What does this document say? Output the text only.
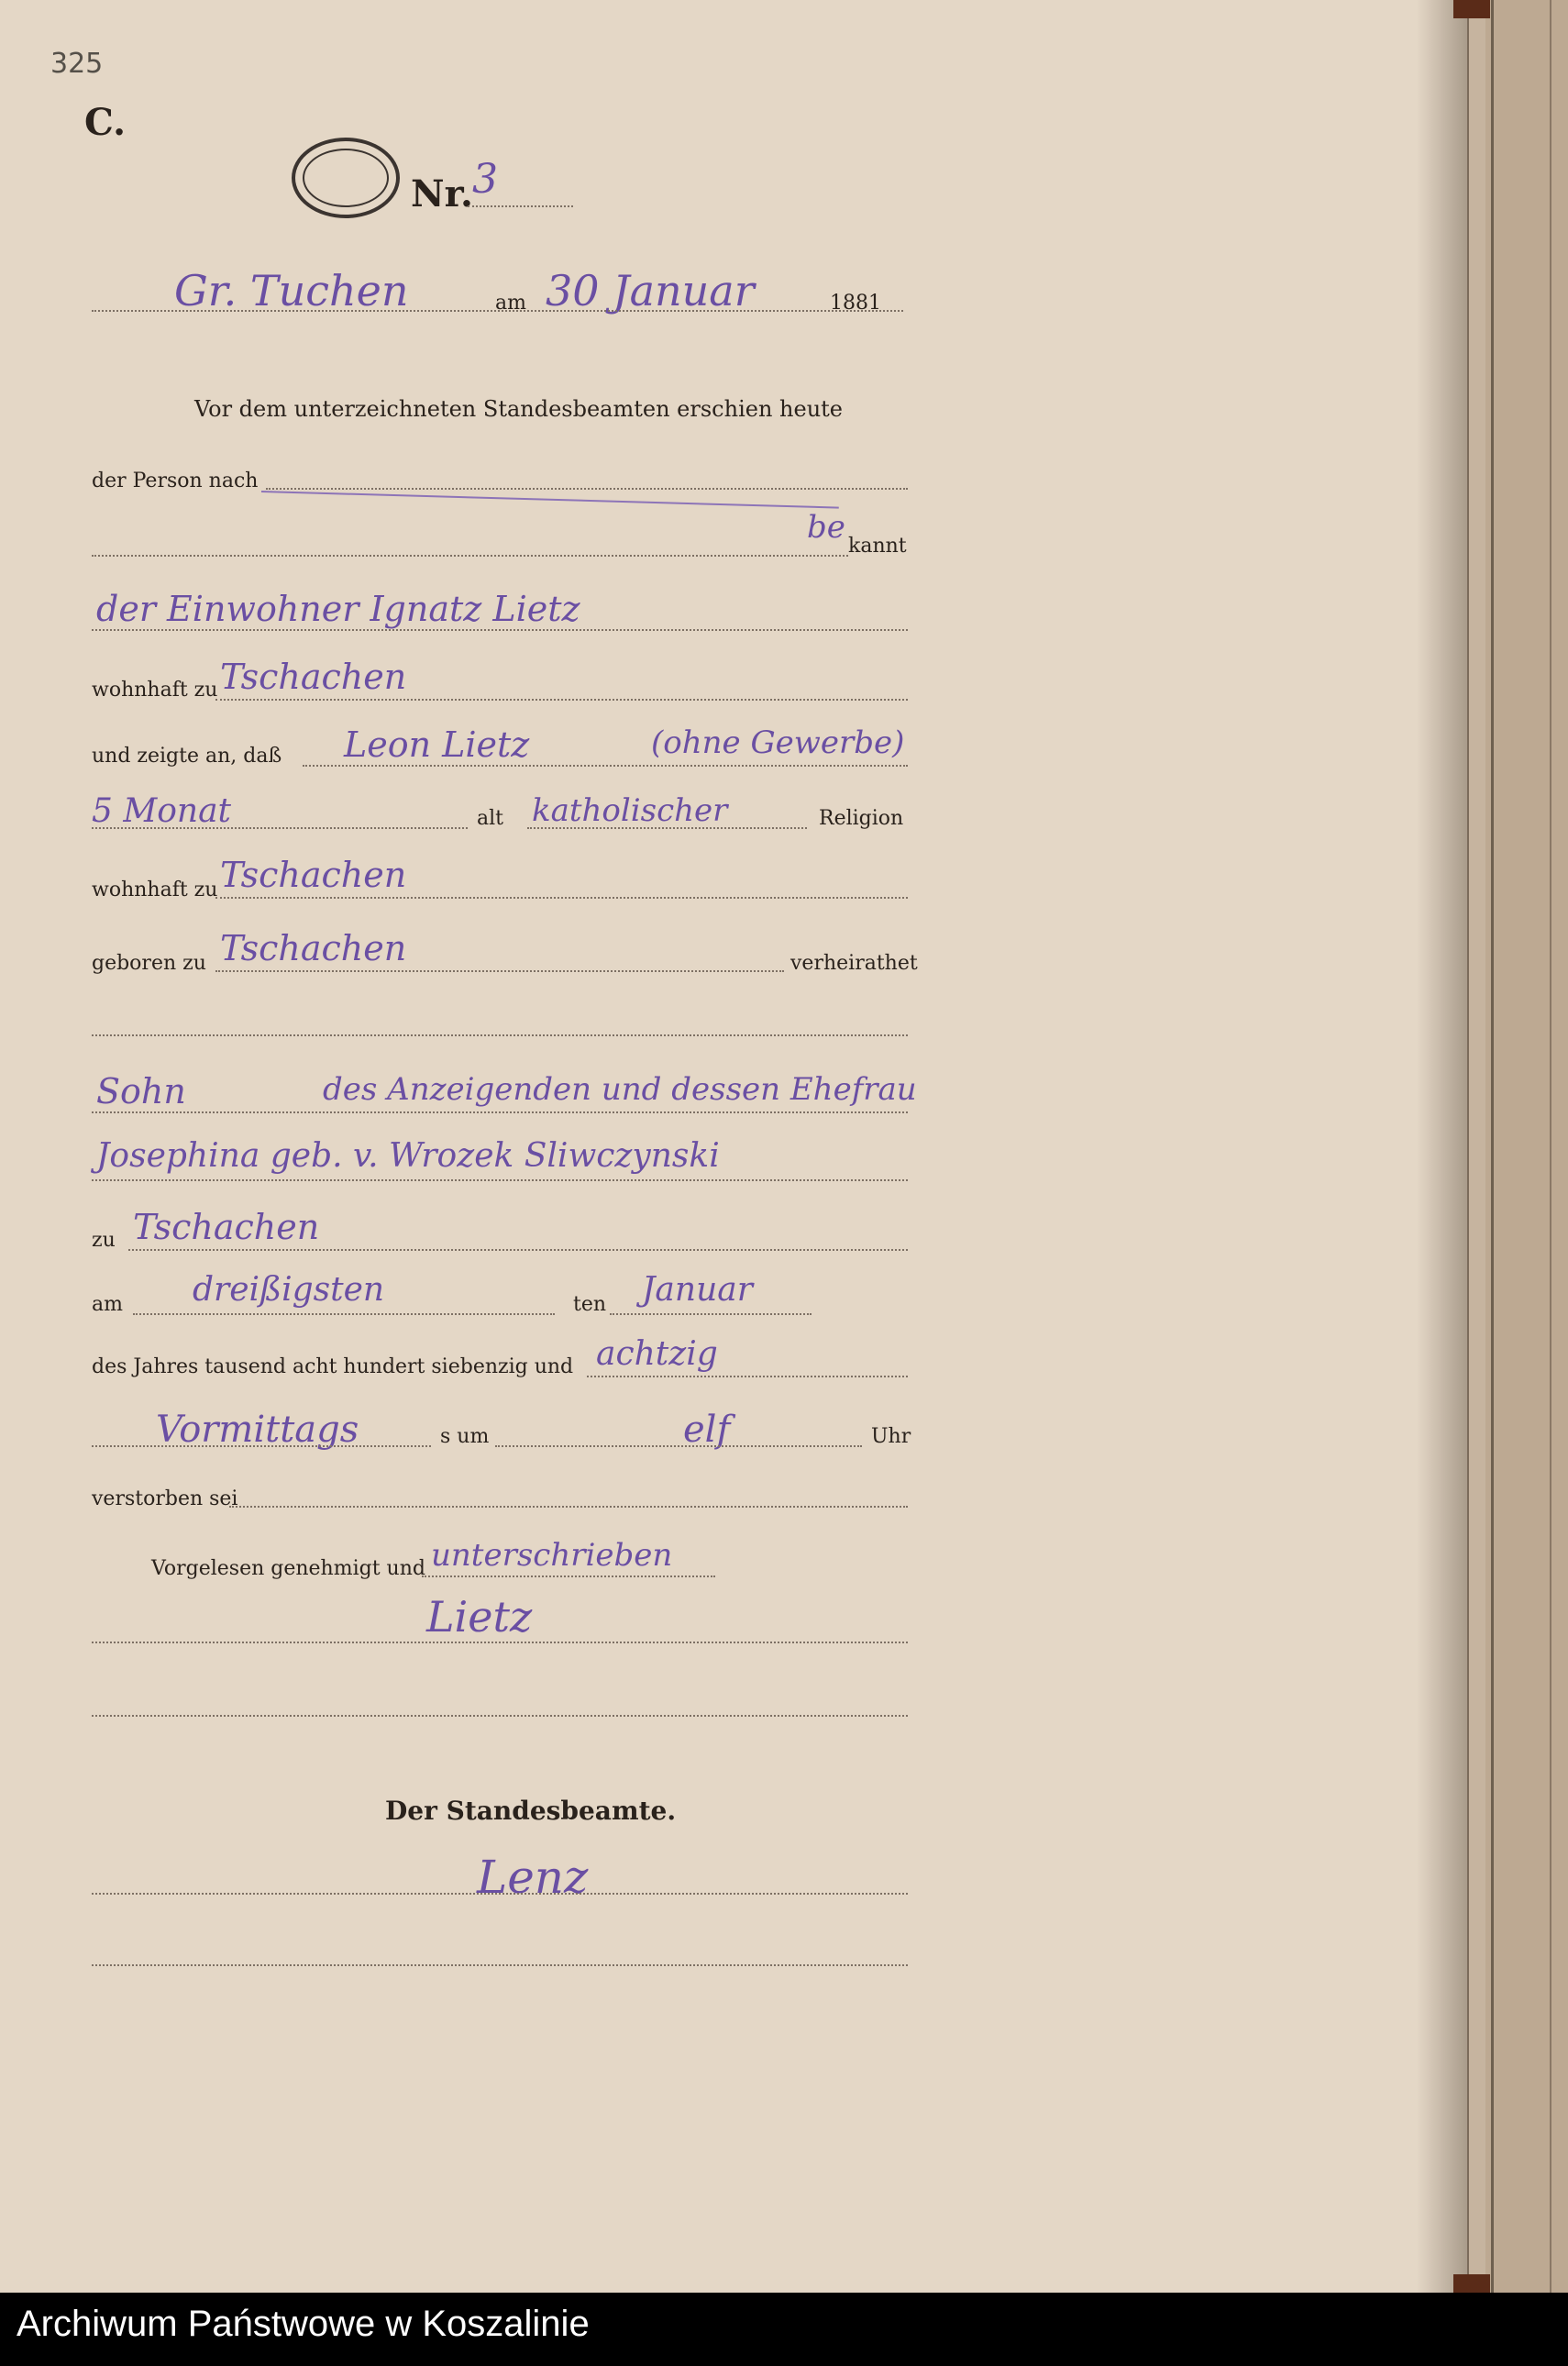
325
C.
Nr. 3
Gr. Tuchen	am 30 Januar	1881
Vor dem unterzeichneten Standesbeamten erschien heute
der Person nach
be
kannt
der Einwohner Ignatz Lietz
wohnhaft zu Tschachen
und zeigte an, daß Leon Lietz	(ohne Gewerbe)
5 Monat	alt katholischer	Religion
wohnhaft zu Tschachen
geboren zu Tschachen	verheirathet
Sohn	des Anzeigenden und dessen Ehefrau
Josephina geb. v. Wrozek Sliwczynski
zu Tschachen
am dreißigsten	ten Januar
des Jahres tausend acht hundert siebenzig und achtzig
Vormittags	s um	elf	Uhr
verstorben sei
Vorgelesen genehmigt und unterschrieben
Lietz
Der Standesbeamte.
Lenz
Archiwum Państwowe w Koszalinie
